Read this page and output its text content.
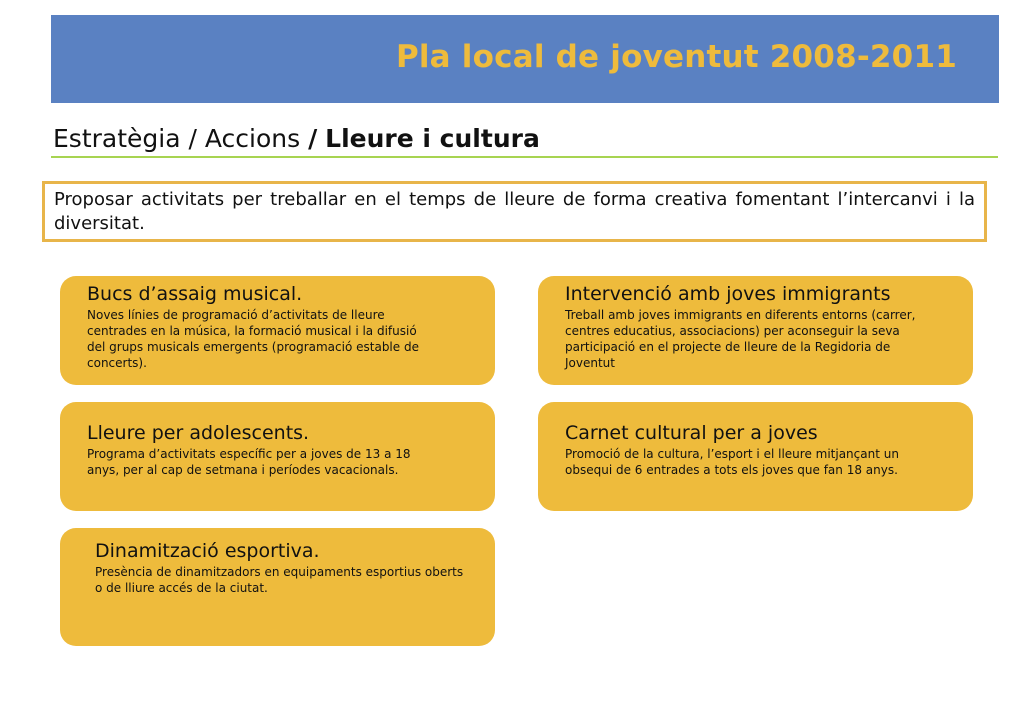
Pla local de joventut 2008-2011
Estratègia / Accions / Lleure i cultura
Proposar activitats per treballar en el temps de lleure de forma creativa fomentant l’intercanvi i la diversitat.
Bucs d’assaig musical.

Noves línies de programació d’activitats de lleure
centrades en la música, la formació musical i la difusió
del grups musicals emergents (programació estable de
concerts).

Intervenció amb joves immigrants

Treball amb joves immigrants en diferents entorns (carrer,
centres educatius, associacions) per aconseguir la seva
participació en el projecte de lleure de la Regidoria de
Joventut

Lleure per adolescents.

Programa d’activitats específic per a joves de 13 a 18
anys, per al cap de setmana i períodes vacacionals.

Carnet cultural per a joves

Promoció de la cultura, l’esport i el lleure mitjançant un
obsequi de 6 entrades a tots els joves que fan 18 anys.

Dinamització esportiva.

Presència de dinamitzadors en equipaments esportius oberts
o de lliure accés de la ciutat.
